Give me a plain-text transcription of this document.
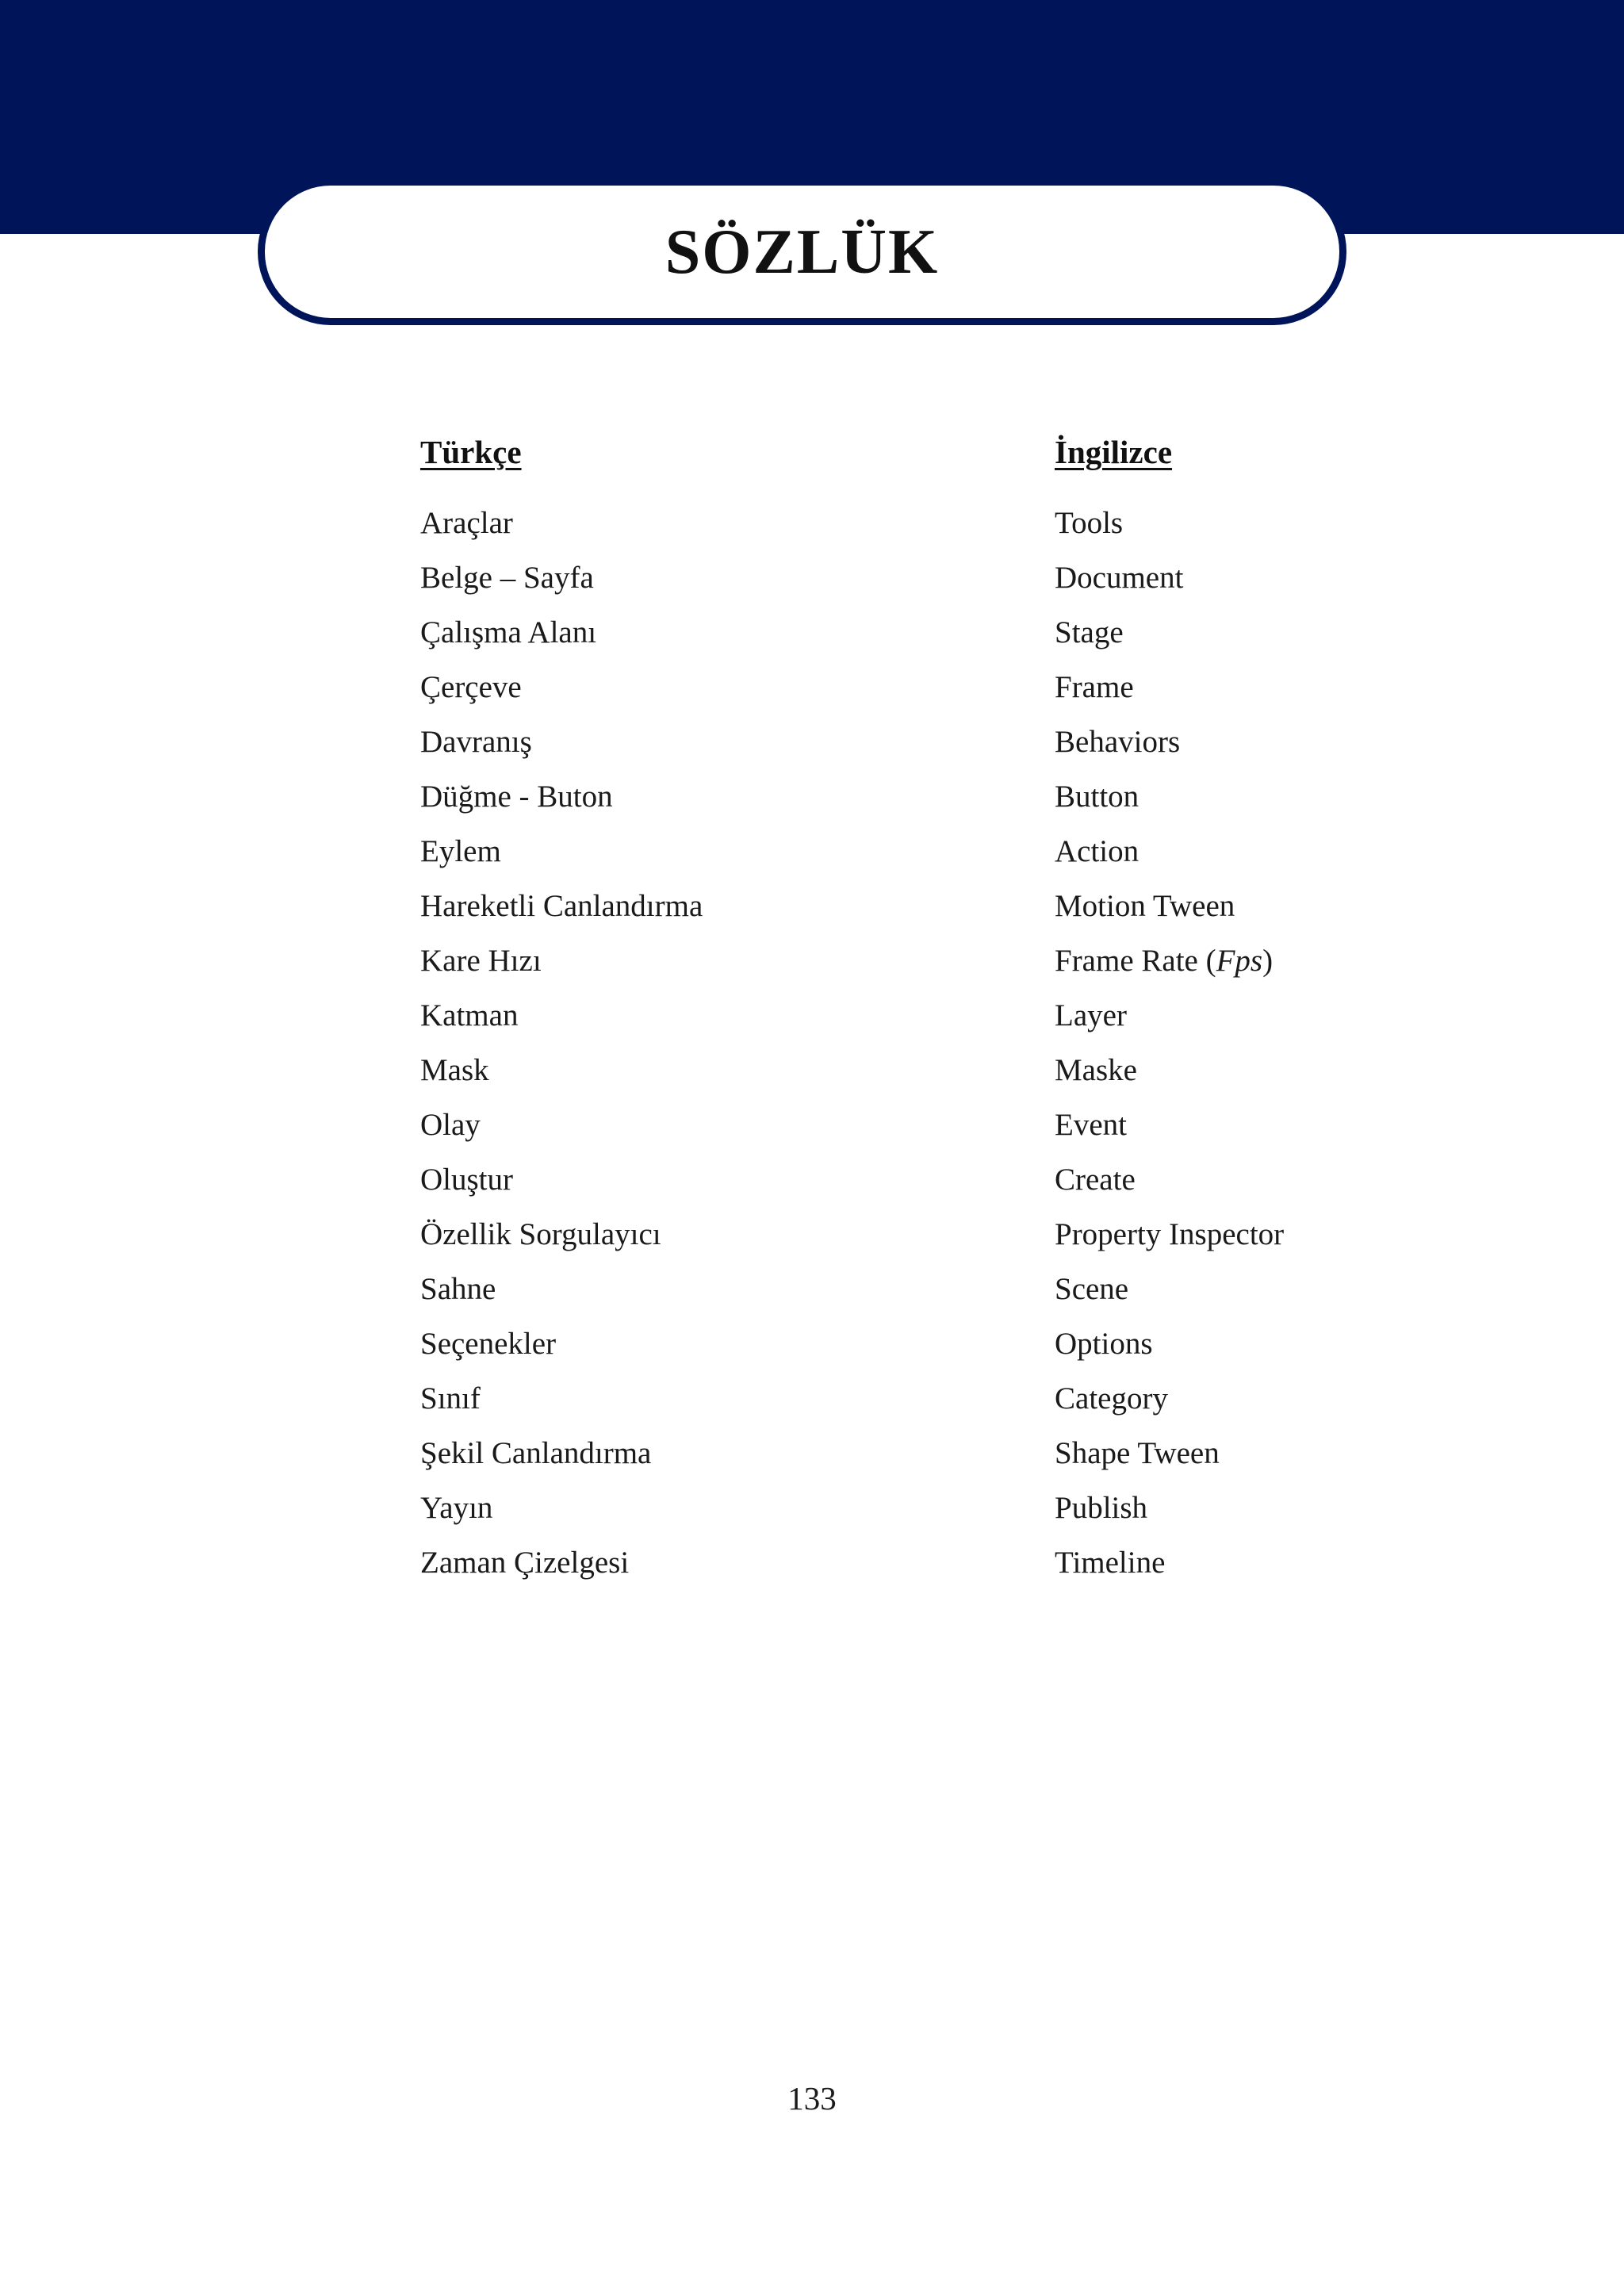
SÖZLÜK
Türkçe
Araçlar
Belge – Sayfa
Çalışma Alanı
Çerçeve
Davranış
Düğme - Buton
Eylem
Hareketli Canlandırma
Kare Hızı
Katman
Mask
Olay
Oluştur
Özellik Sorgulayıcı
Sahne
Seçenekler
Sınıf
Şekil Canlandırma
Yayın
Zaman Çizelgesi
İngilizce
Tools
Document
Stage
Frame
Behaviors
Button
Action
Motion Tween
Frame Rate (Fps)
Layer
Maske
Event
Create
Property Inspector
Scene
Options
Category
Shape Tween
Publish
Timeline
133
